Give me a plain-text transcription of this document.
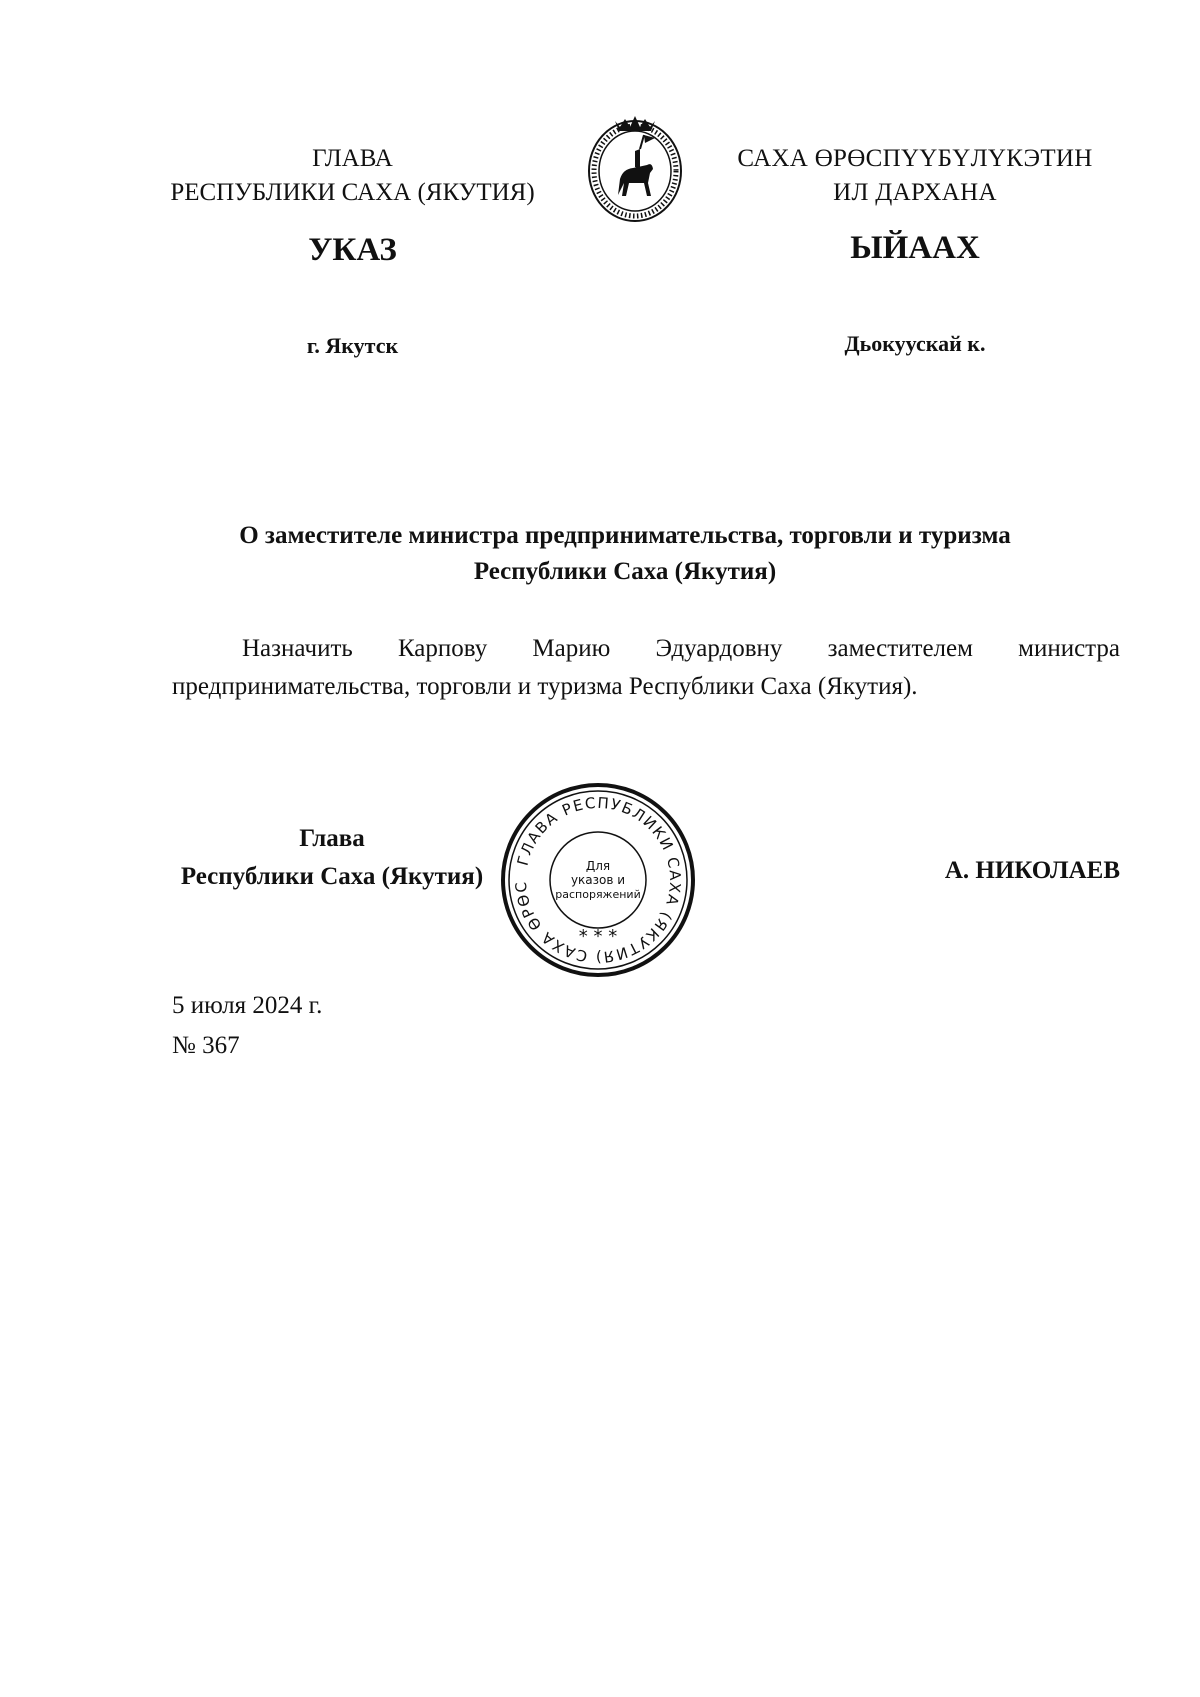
ГЛАВА
РЕСПУБЛИКИ САХА (ЯКУТИЯ)
САХА ӨРӨСПҮҮБҮЛҮКЭТИН
ИЛ ДАРХАНА
УКАЗ	ЫЙААХ
г. Якутск	Дьокуускай к.
О заместителе министра предпринимательства, торговли и туризма
Республики Саха (Якутия)
Назначить Карпову Марию Эдуардовну заместителем министра предпринимательства, торговли и туризма Республики Саха (Якутия).
Глава
Республики Саха (Якутия)
ГЛАВА РЕСПУБЛИКИ САХА (ЯКУТИЯ) САХА ӨРӨС
Для
указов и
распоряжений
* * *
А. НИКОЛАЕВ
5 июля 2024 г.
№ 367
